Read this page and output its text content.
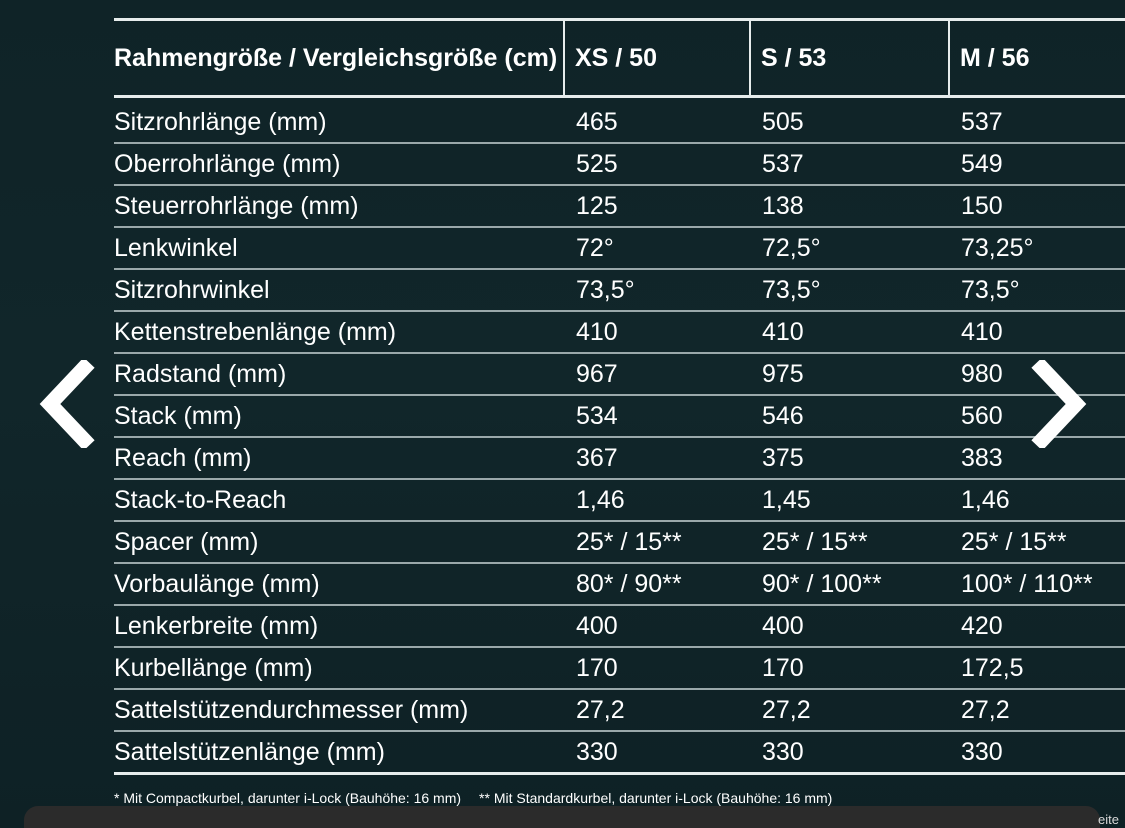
Rahmengröße / Vergleichsgröße (cm)	XS / 50	S / 53	M / 56

Sitzrohrlänge (mm)	465	505	537
Oberrohrlänge (mm)	525	537	549
Steuerrohrlänge (mm)	125	138	150
Lenkwinkel	72°	72,5°	73,25°
Sitzrohrwinkel	73,5°	73,5°	73,5°
Kettenstrebenlänge (mm)	410	410	410
Radstand (mm)	967	975	980
Stack (mm)	534	546	560
Reach (mm)	367	375	383
Stack-to-Reach	1,46	1,45	1,46
Spacer (mm)	25* / 15**	25* / 15**	25* / 15**
Vorbaulänge (mm)	80* / 90**	90* / 100**	100* / 110**
Lenkerbreite (mm)	400	400	420
Kurbellänge (mm)	170	170	172,5
Sattelstützendurchmesser (mm)	27,2	27,2	27,2
Sattelstützenlänge (mm)	330	330	330
* Mit Compactkurbel, darunter i-Lock (Bauhöhe: 16 mm) ** Mit Standardkurbel, darunter i-Lock (Bauhöhe: 16 mm)
eite
